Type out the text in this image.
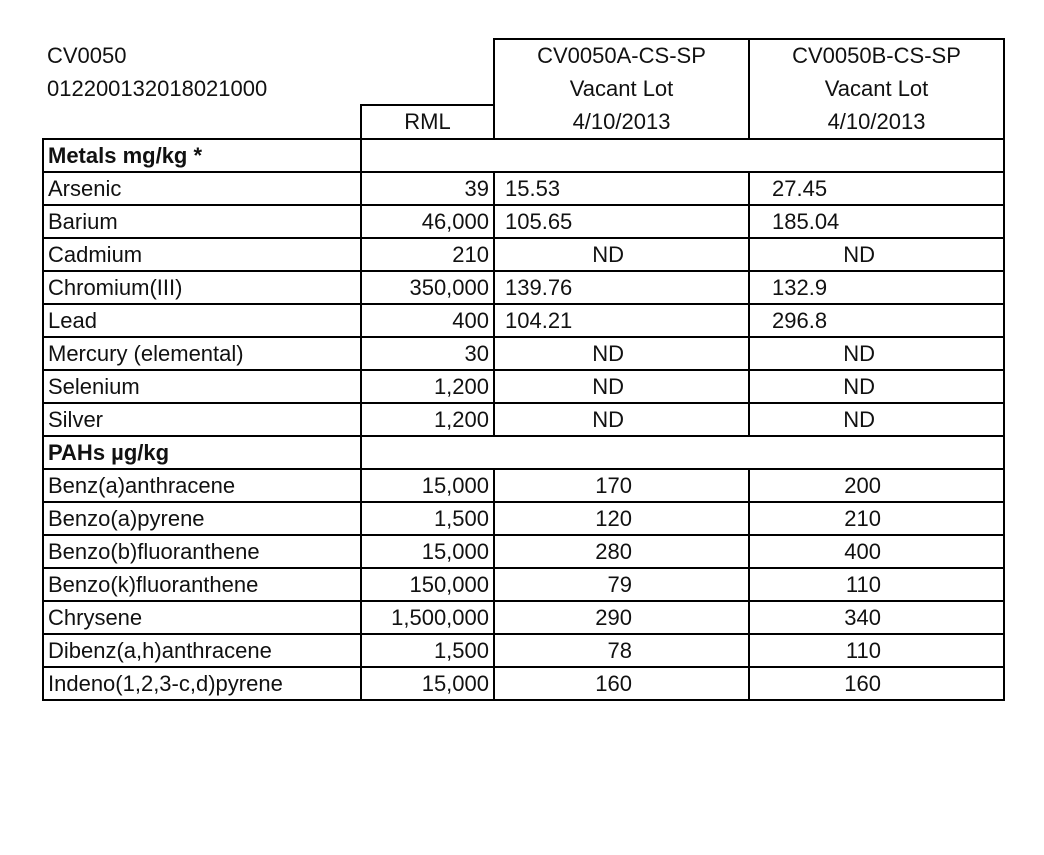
CV0050		CV0050A-CS-SP	CV0050B-CS-SP
012200132018021000		Vacant Lot	Vacant Lot
	RML	4/10/2013	4/10/2013
Metals mg/kg *			
Arsenic	39	15.53	27.45
Barium	46,000	105.65	185.04
Cadmium	210	ND	ND
Chromium(III)	350,000	139.76	132.9
Lead	400	104.21	296.8
Mercury (elemental)	30	ND	ND
Selenium	1,200	ND	ND
Silver	1,200	ND	ND
PAHs µg/kg			
Benz(a)anthracene	15,000	170	200
Benzo(a)pyrene	1,500	120	210
Benzo(b)fluoranthene	15,000	280	400
Benzo(k)fluoranthene	150,000	79	110
Chrysene	1,500,000	290	340
Dibenz(a,h)anthracene	1,500	78	110
Indeno(1,2,3-c,d)pyrene	15,000	160	160
